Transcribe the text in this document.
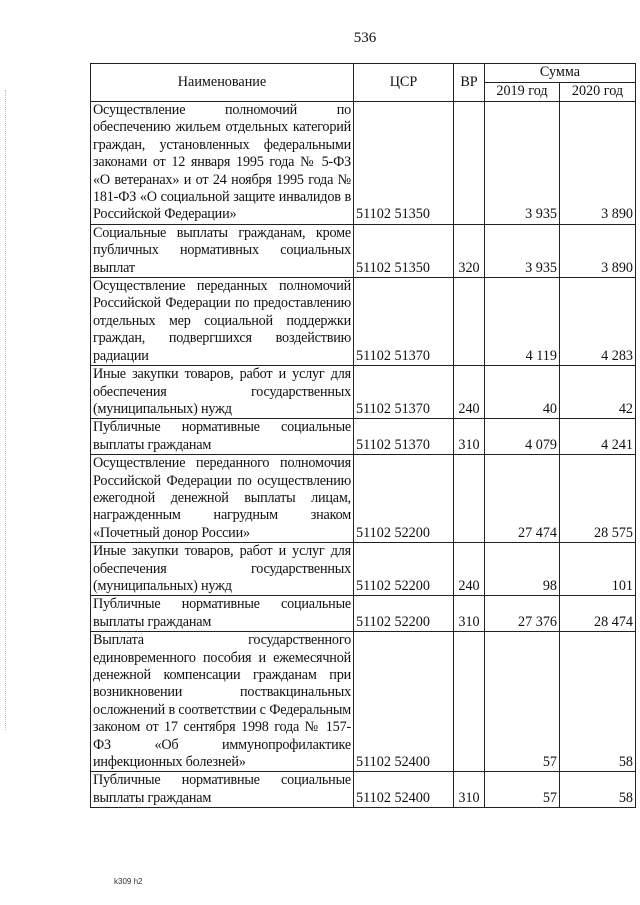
536
Наименование	ЦСР	ВР	Сумма	
			2019 год	2020 год
Осуществление полномочий по обеспечению жильем отдельных категорий граждан, установленных федеральными законами от 12 января 1995 года № 5-ФЗ «О ветеранах» и от 24 ноября 1995 года № 181-ФЗ «О социальной защите инвалидов в Российской Федерации»	51102 51350		3 935	3 890
Социальные выплаты гражданам, кроме публичных нормативных социальных выплат	51102 51350	320	3 935	3 890
Осуществление переданных полномочий Российской Федерации по предоставлению отдельных мер социальной поддержки граждан, подвергшихся воздействию радиации	51102 51370		4 119	4 283
Иные закупки товаров, работ и услуг для обеспечения государственных (муниципальных) нужд	51102 51370	240	40	42
Публичные нормативные социальные выплаты гражданам	51102 51370	310	4 079	4 241
Осуществление переданного полномочия Российской Федерации по осуществлению ежегодной денежной выплаты лицам, награжденным нагрудным знаком «Почетный донор России»	51102 52200		27 474	28 575
Иные закупки товаров, работ и услуг для обеспечения государственных (муниципальных) нужд	51102 52200	240	98	101
Публичные нормативные социальные выплаты гражданам	51102 52200	310	27 376	28 474
Выплата государственного единовременного пособия и ежемесячной денежной компенсации гражданам при возникновении поствакцинальных осложнений в соответствии с Федеральным законом от 17 сентября 1998 года № 157-ФЗ «Об иммунопрофилактике инфекционных болезней»	51102 52400		57	58
Публичные нормативные социальные выплаты гражданам	51102 52400	310	57	58
k309 h2
